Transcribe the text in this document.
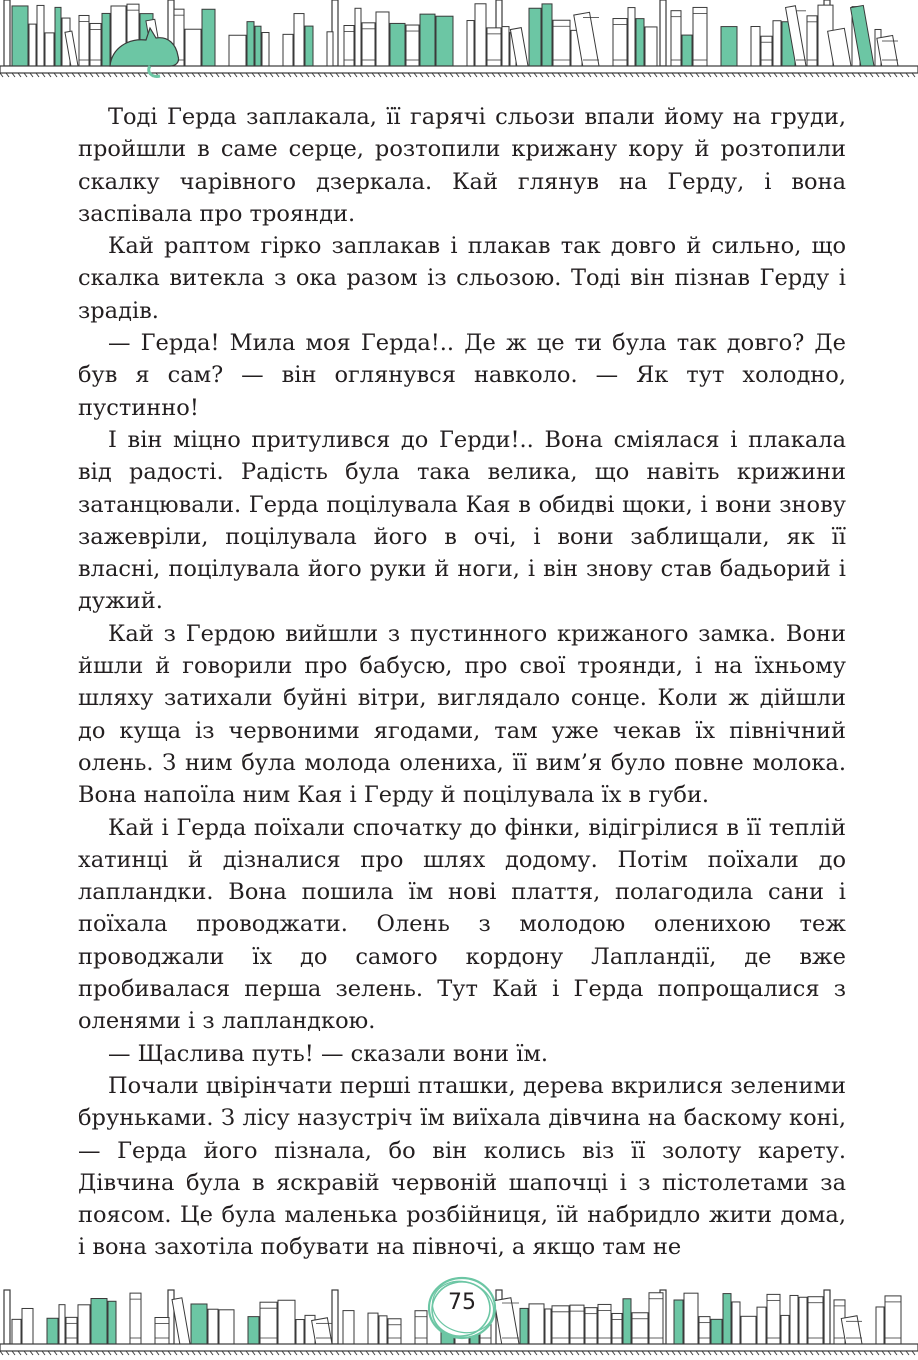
Тоді Герда заплакала, її гарячі сльози впали йому на груди, пройшли в саме серце, розтопили крижану кору й розтопили скалку чарівного дзеркала. Кай глянув на Герду, і вона заспівала про троянди.

Кай раптом гірко заплакав і плакав так довго й сильно, що скалка витекла з ока разом із сльозою. Тоді він пізнав Герду і зрадів.

— Герда! Мила моя Герда!.. Де ж це ти була так довго? Де був я сам? — він оглянувся навколо. — Як тут холодно, пустинно!

І він міцно притулився до Герди!.. Вона сміялася і плакала від радості. Радість була така велика, що навіть крижини затанцювали. Герда поцілувала Кая в обидві щоки, і вони знову зажевріли, поцілувала його в очі, і вони заблищали, як її власні, поцілувала його руки й ноги, і він знову став бадьорий і дужий.

Кай з Гердою вийшли з пустинного крижаного замка. Вони йшли й говорили про бабусю, про свої троянди, і на їхньому шляху затихали буйні вітри, виглядало сонце. Коли ж дійшли до куща із червоними ягодами, там уже чекав їх північний олень. З ним була молода олениха, її вим’я було повне молока. Вона напоїла ним Кая і Герду й поцілувала їх в губи.

Кай і Герда поїхали спочатку до фінки, відігрілися в її теплій хатинці й дізналися про шлях додому. Потім поїхали до лапландки. Вона пошила їм нові плаття, полагодила сани і поїхала проводжати. Олень з молодою оленихою теж проводжали їх до самого кордону Лапландії, де вже пробивалася перша зелень. Тут Кай і Герда попрощалися з оленями і з лапландкою.

— Щаслива путь! — сказали вони їм.

Почали цвірінчати перші пташки, дерева вкрилися зеленими бруньками. З лісу назустріч їм виїхала дівчина на баскому коні, — Герда його пізнала, бо він колись віз її золоту карету. Дівчина була в яскравій червоній шапочці і з пістолетами за поясом. Це була маленька розбійниця, їй набридло жити дома, і вона захотіла побувати на півночі, а якщо там не

75
